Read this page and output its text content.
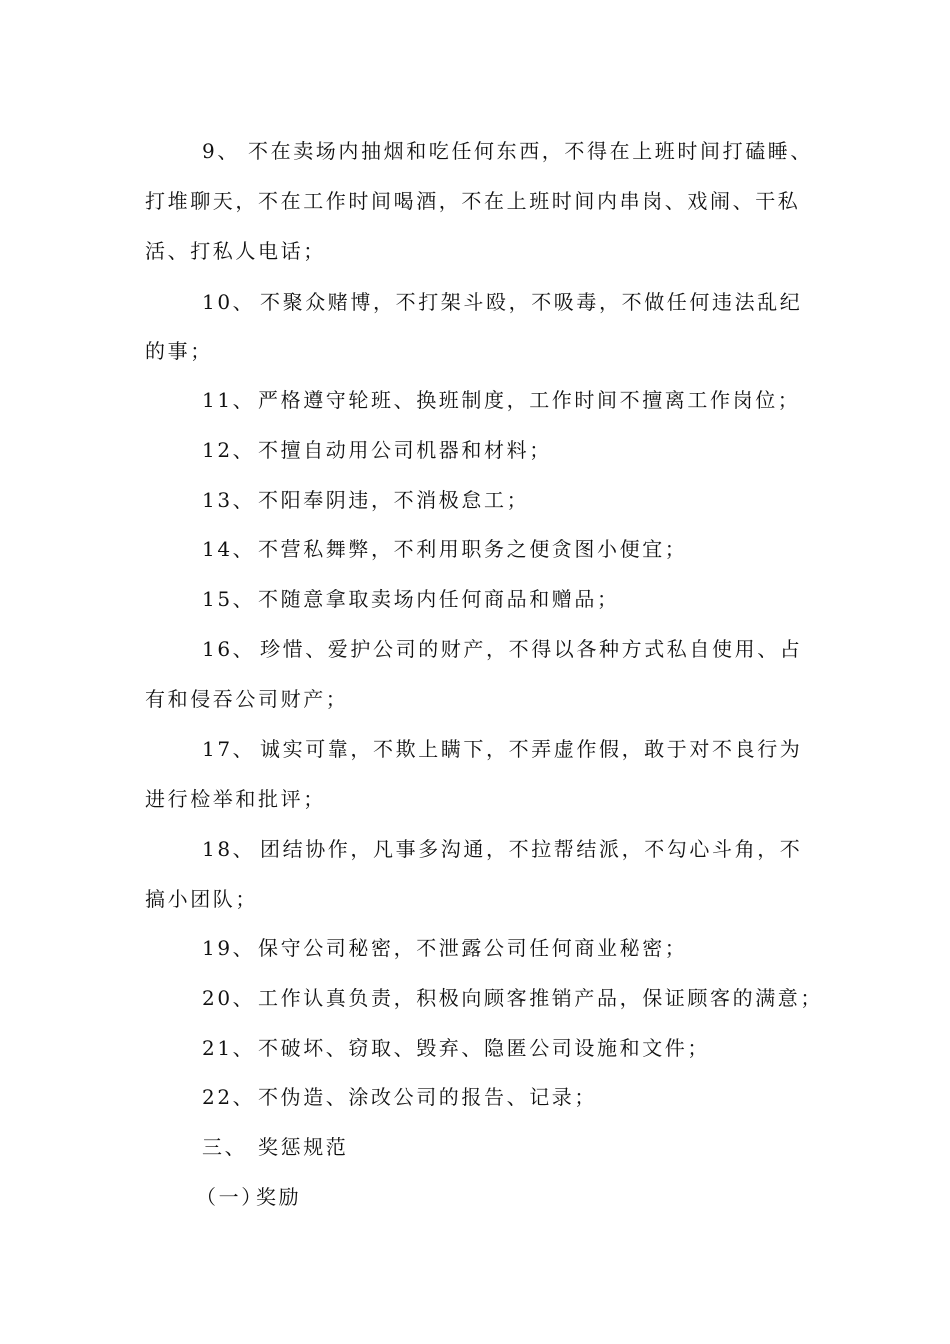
9、 不在卖场内抽烟和吃任何东西，不得在上班时间打磕睡、
打堆聊天，不在工作时间喝酒，不在上班时间内串岗、戏闹、干私
活、打私人电话；
10、 不聚众赌博，不打架斗殴，不吸毒，不做任何违法乱纪
的事；
11、 严格遵守轮班、换班制度，工作时间不擅离工作岗位；
12、 不擅自动用公司机器和材料；
13、 不阳奉阴违，不消极怠工；
14、 不营私舞弊，不利用职务之便贪图小便宜；
15、 不随意拿取卖场内任何商品和赠品；
16、 珍惜、爱护公司的财产，不得以各种方式私自使用、占
有和侵吞公司财产；
17、 诚实可靠，不欺上瞒下，不弄虚作假，敢于对不良行为
进行检举和批评；
18、 团结协作，凡事多沟通，不拉帮结派，不勾心斗角，不
搞小团队；
19、 保守公司秘密，不泄露公司任何商业秘密；
20、 工作认真负责，积极向顾客推销产品，保证顾客的满意；
21、 不破坏、窃取、毁弃、隐匿公司设施和文件；
22、 不伪造、涂改公司的报告、记录；
三、 奖惩规范
（一）奖励
